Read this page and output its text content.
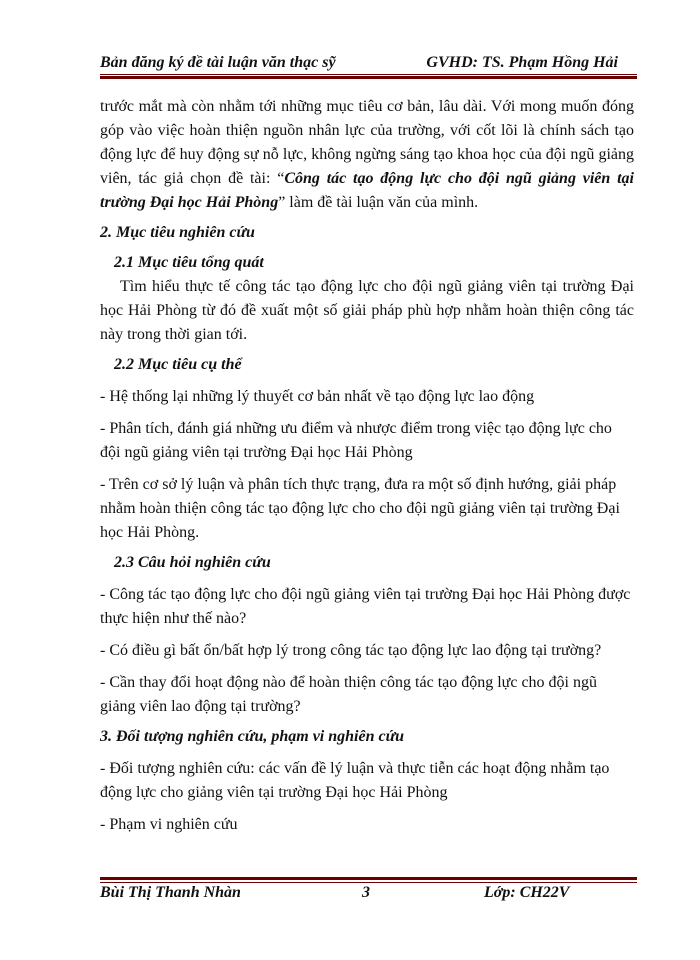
Bản đăng ký đề tài luận văn thạc sỹ	GVHD: TS. Phạm Hồng Hải

trước mắt mà còn nhằm tới những mục tiêu cơ bản, lâu dài. Với mong muốn đóng góp vào việc hoàn thiện nguồn nhân lực của trường, với cốt lõi là chính sách tạo động lực để huy động sự nỗ lực, không ngừng sáng tạo khoa học của đội ngũ giảng viên, tác giả chọn đề tài: “Công tác tạo động lực cho đội ngũ giảng viên tại trường Đại học Hải Phòng” làm đề tài luận văn của mình.

2. Mục tiêu nghiên cứu

2.1 Mục tiêu tổng quát

Tìm hiểu thực tế công tác tạo động lực cho đội ngũ giảng viên tại trường Đại học Hải Phòng từ đó đề xuất một số giải pháp phù hợp nhằm hoàn thiện công tác này trong thời gian tới.

2.2 Mục tiêu cụ thể

- Hệ thống lại những lý thuyết cơ bản nhất về tạo động lực lao động

- Phân tích, đánh giá những ưu điểm và nhược điểm trong việc tạo động lực cho đội ngũ giảng viên tại trường Đại học Hải Phòng

- Trên cơ sở lý luận và phân tích thực trạng, đưa ra một số định hướng, giải pháp nhằm hoàn thiện công tác tạo động lực cho cho đội ngũ giảng viên tại trường Đại học Hải Phòng.

2.3 Câu hỏi nghiên cứu

- Công tác tạo động lực cho đội ngũ giảng viên tại trường Đại học Hải Phòng được thực hiện như thế nào?

- Có điều gì bất ổn/bất hợp lý trong công tác tạo động lực lao động tại trường?

- Cần thay đổi hoạt động nào để hoàn thiện công tác tạo động lực cho đội ngũ giảng viên lao động tại trường?

3. Đối tượng nghiên cứu, phạm vi nghiên cứu

- Đối tượng nghiên cứu: các vấn đề lý luận và thực tiễn các hoạt động nhằm tạo động lực cho giảng viên tại trường Đại học Hải Phòng

- Phạm vi nghiên cứu

Bùi Thị Thanh Nhàn	3	Lớp: CH22V
